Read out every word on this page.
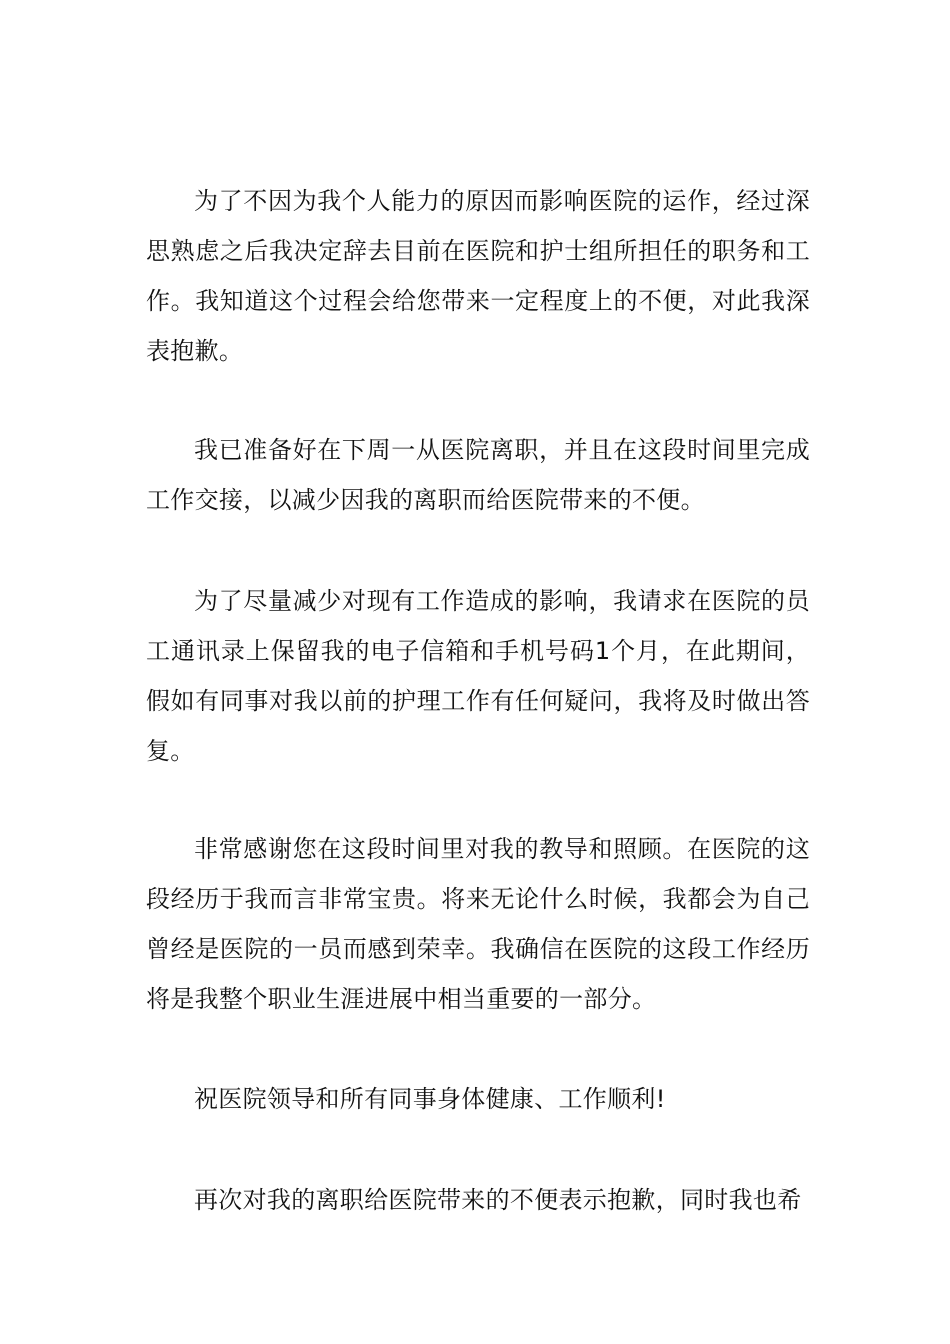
为了不因为我个人能力的原因而影响医院的运作，经过深思熟虑之后我决定辞去目前在医院和护士组所担任的职务和工作。我知道这个过程会给您带来一定程度上的不便，对此我深表抱歉。

我已准备好在下周一从医院离职，并且在这段时间里完成工作交接，以减少因我的离职而给医院带来的不便。

为了尽量减少对现有工作造成的影响，我请求在医院的员工通讯录上保留我的电子信箱和手机号码1个月，在此期间，假如有同事对我以前的护理工作有任何疑问，我将及时做出答复。

非常感谢您在这段时间里对我的教导和照顾。在医院的这段经历于我而言非常宝贵。将来无论什么时候，我都会为自己曾经是医院的一员而感到荣幸。我确信在医院的这段工作经历将是我整个职业生涯进展中相当重要的一部分。

祝医院领导和所有同事身体健康、工作顺利!

再次对我的离职给医院带来的不便表示抱歉，同时我也希
